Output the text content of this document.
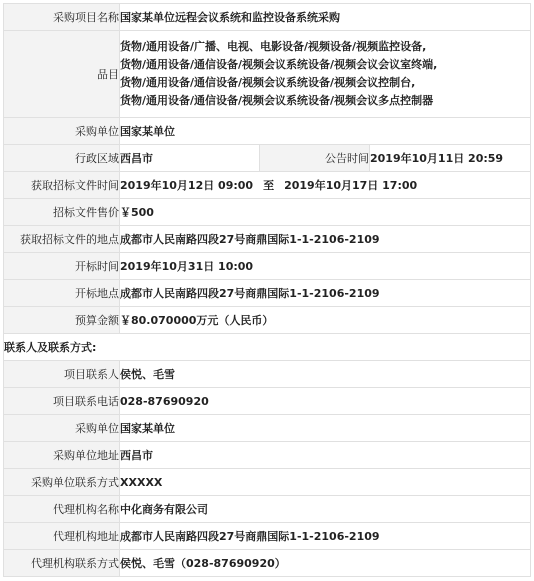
采购项目名称	国家某单位远程会议系统和监控设备系统采购		
品目	货物/通用设备/广播、电视、电影设备/视频设备/视频监控设备,
货物/通用设备/通信设备/视频会议系统设备/视频会议会议室终端,
货物/通用设备/通信设备/视频会议系统设备/视频会议控制台,
货物/通用设备/通信设备/视频会议系统设备/视频会议多点控制器		

采购单位	国家某单位		
行政区域	西昌市	公告时间	2019年10月11日 20:59
获取招标文件时间	2019年10月12日 09:00 至 2019年10月17日 17:00		
招标文件售价	￥500		
获取招标文件的地点	成都市人民南路四段27号商鼎国际1-1-2106-2109		
开标时间	2019年10月31日 10:00		
开标地点	成都市人民南路四段27号商鼎国际1-1-2106-2109		
预算金额	￥80.070000万元（人民币）		
联系人及联系方式:			
项目联系人	侯悦、毛雪		
项目联系电话	028-87690920		
采购单位	国家某单位		
采购单位地址	西昌市		
采购单位联系方式	XXXXX		
代理机构名称	中化商务有限公司		
代理机构地址	成都市人民南路四段27号商鼎国际1-1-2106-2109		
代理机构联系方式	侯悦、毛雪（028-87690920）		
